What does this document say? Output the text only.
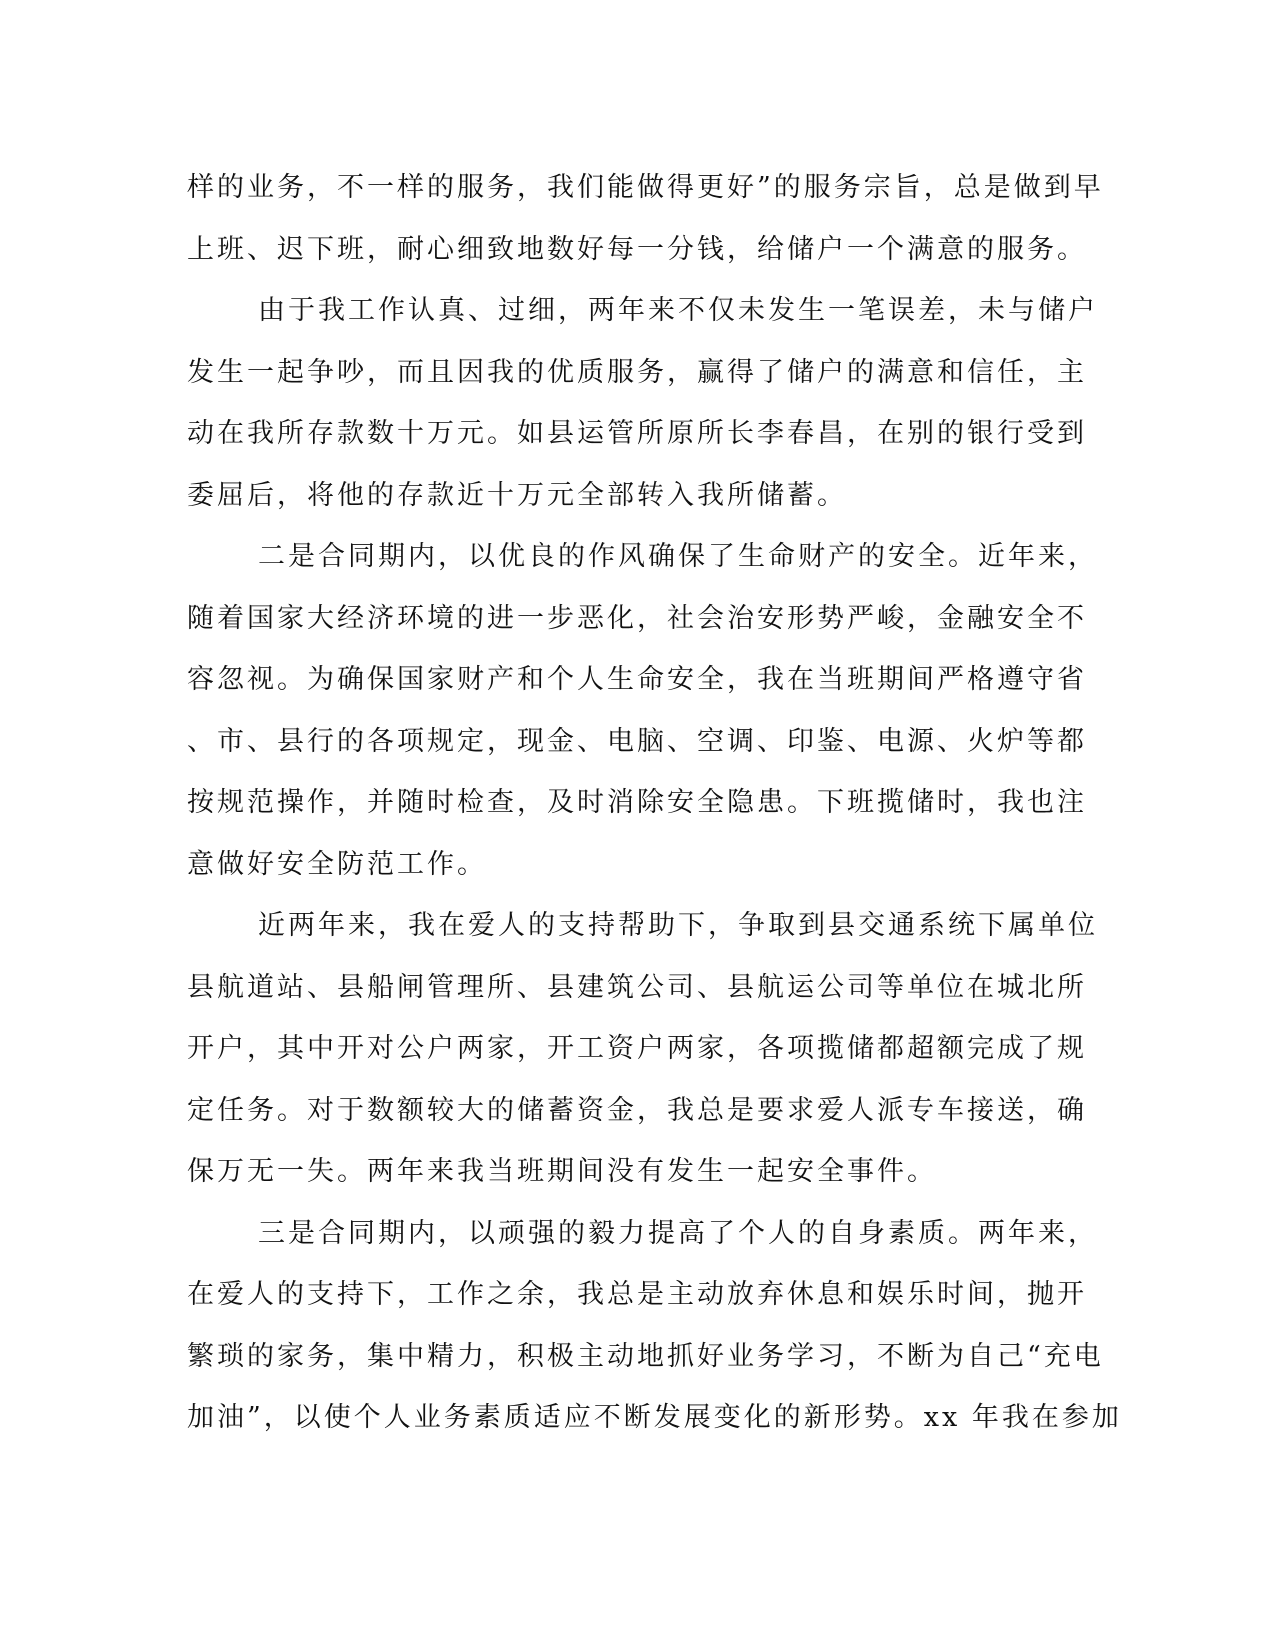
样的业务，不一样的服务，我们能做得更好”的服务宗旨，总是做到早
上班、迟下班，耐心细致地数好每一分钱，给储户一个满意的服务。
由于我工作认真、过细，两年来不仅未发生一笔误差，未与储户
发生一起争吵，而且因我的优质服务，赢得了储户的满意和信任，主
动在我所存款数十万元。如县运管所原所长李春昌，在别的银行受到
委屈后，将他的存款近十万元全部转入我所储蓄。
二是合同期内，以优良的作风确保了生命财产的安全。近年来，
随着国家大经济环境的进一步恶化，社会治安形势严峻，金融安全不
容忽视。为确保国家财产和个人生命安全，我在当班期间严格遵守省
、市、县行的各项规定，现金、电脑、空调、印鉴、电源、火炉等都
按规范操作，并随时检查，及时消除安全隐患。下班揽储时，我也注
意做好安全防范工作。
近两年来，我在爱人的支持帮助下，争取到县交通系统下属单位
县航道站、县船闸管理所、县建筑公司、县航运公司等单位在城北所
开户，其中开对公户两家，开工资户两家，各项揽储都超额完成了规
定任务。对于数额较大的储蓄资金，我总是要求爱人派专车接送，确
保万无一失。两年来我当班期间没有发生一起安全事件。
三是合同期内，以顽强的毅力提高了个人的自身素质。两年来，
在爱人的支持下，工作之余，我总是主动放弃休息和娱乐时间，抛开
繁琐的家务，集中精力，积极主动地抓好业务学习，不断为自己“充电
加油”，以使个人业务素质适应不断发展变化的新形势。xx 年我在参加
